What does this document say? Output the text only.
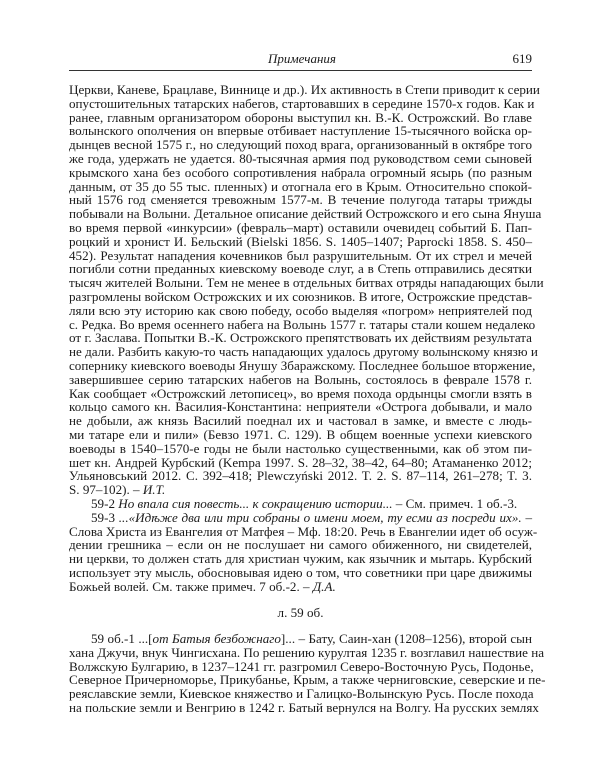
Примечания	619
Церкви, Каневе, Брацлаве, Виннице и др.). Их активность в Степи приводит к серии
опустошительных татарских набегов, стартовавших в середине 1570-х годов. Как и
ранее, главным организатором обороны выступил кн. В.-К. Острожский. Во главе
волынского ополчения он впервые отбивает наступление 15-тысячного войска ор-
дынцев весной 1575 г., но следующий поход врага, организованный в октябре того
же года, удержать не удается. 80-тысячная армия под руководством семи сыновей
крымского хана без особого сопротивления набрала огромный ясырь (по разным
данным, от 35 до 55 тыс. пленных) и отогнала его в Крым. Относительно спокой-
ный 1576 год сменяется тревожным 1577-м. В течение полугода татары трижды
побывали на Волыни. Детальное описание действий Острожского и его сына Януша
во время первой «инкурсии» (февраль–март) оставили очевидец событий Б. Пап-
роцкий и хронист И. Бельский (Bielski 1856. S. 1405–1407; Paprocki 1858. S. 450–
452). Результат нападения кочевников был разрушительным. От их стрел и мечей
погибли сотни преданных киевскому воеводе слуг, а в Степь отправились десятки
тысяч жителей Волыни. Тем не менее в отдельных битвах отряды нападающих были
разгромлены войском Острожских и их союзников. В итоге, Острожские представ-
ляли всю эту историю как свою победу, особо выделяя «погром» неприятелей под
с. Редка. Во время осеннего набега на Волынь 1577 г. татары стали кошем недалеко
от г. Заслава. Попытки В.-К. Острожского препятствовать их действиям результата
не дали. Разбить какую-то часть нападающих удалось другому волынскому князю и
сопернику киевского воеводы Янушу Збаражскому. Последнее большое вторжение,
завершившее серию татарских набегов на Волынь, состоялось в феврале 1578 г.
Как сообщает «Острожский летописец», во время похода ордынцы смогли взять в
кольцо самого кн. Василия-Константина: неприятели «Острога добывали, и мало
не добыли, аж князь Василий поеднал их и частовал в замке, и вместе с людь-
ми татаре ели и пили» (Бевзо 1971. С. 129). В общем военные успехи киевского
воеводы в 1540–1570-е годы не были настолько существенными, как об этом пи-
шет кн. Андрей Курбский (Kempa 1997. S. 28–32, 38–42, 64–80; Атаманенко 2012;
Ульяновський 2012. С. 392–418; Plewczyński 2012. T. 2. S. 87–114, 261–278; T. 3.
S. 97–102). – И.Т.
59-2 Но впала сия повесть... к сокращению истории... – См. примеч. 1 об.-3.
59-3 ...«Идѣже два или три собраны о имени моем, ту есми аз посреди их». –
Слова Христа из Евангелия от Матфея – Мф. 18:20. Речь в Евангелии идет об осуж-
дении грешника – если он не послушает ни самого обиженного, ни свидетелей,
ни церкви, то должен стать для христиан чужим, как язычник и мытарь. Курбский
использует эту мысль, обосновывая идею о том, что советники при царе движимы
Божьей волей. См. также примеч. 7 об.-2. – Д.А.
л. 59 об.
59 об.-1 ...[от Батыя безбожнаго]... – Бату, Саин-хан (1208–1256), второй сын
хана Джучи, внук Чингисхана. По решению курултая 1235 г. возглавил нашествие на
Волжскую Булгарию, в 1237–1241 гг. разгромил Северо-Восточную Русь, Подонье,
Северное Причерноморье, Прикубанье, Крым, а также черниговские, северские и пе-
реяславские земли, Киевское княжество и Галицко-Волынскую Русь. После похода
на польские земли и Венгрию в 1242 г. Батый вернулся на Волгу. На русских землях
